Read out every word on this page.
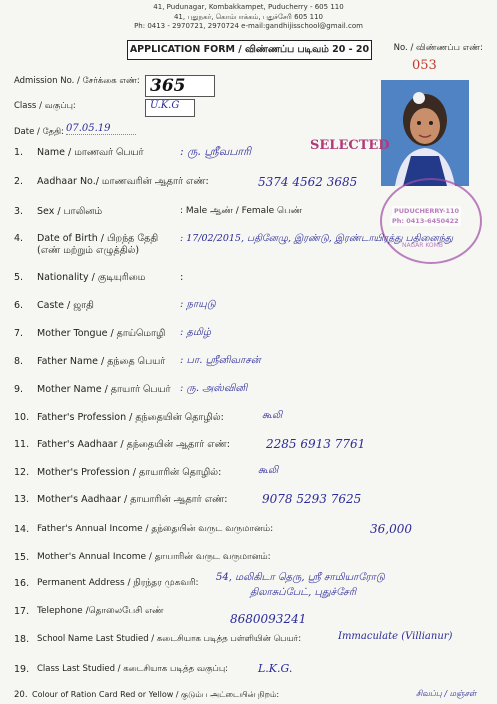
41, Pudunagar, Kombakkampet, Puducherry - 605 110
41, புதுநகர், கொம்பாக்கம், புதுச்சேரி 605 110
Ph: 0413 - 2970721, 2970724 e-mail:gandhijisschool@gmail.com
APPLICATION FORM / விண்ணப்ப படிவம் 20 - 20	No. / விண்ணப்ப எண்:
053
Admission No. / சேர்க்கை எண்: 365
Class / வகுப்பு:	U.K.G
Date / தேதி: 07.05.19
SELECTED
PUDUCHERRY-110
Ph: 0413-6450422
NAGAR KOMB
1. Name / மாணவர் பெயர்	: ரு. ஸ்ரீவபாரி
2. Aadhaar No./ மாணவரின் ஆதார் எண்:	5374 4562 3685
3. Sex / பாலினம்	: Male ஆண் / Female பெண்
4. Date of Birth / பிறந்த தேதி
(எண் மற்றும் எழுத்தில்)
: 17/02/2015, பதினேழு, இரண்டு, இரண்டாயிரத்து பதினைந்து
5. Nationality / குடியுரிமை	:
6. Caste / ஜாதி	: நாயுடு
7. Mother Tongue / தாய்மொழி : தமிழ்
8. Father Name / தந்தை பெயர் : பா. ஸ்ரீனிவாசன்
9. Mother Name / தாயார் பெயர் : ரு. அஸ்வினி
10. Father's Profession / தந்தையின் தொழில்:	கூலி
11. Father's Aadhaar / தந்தையின் ஆதார் எண்:	2285 6913 7761
12. Mother's Profession / தாயாரின் தொழில்:	கூலி
13. Mother's Aadhaar / தாயாரின் ஆதார் எண்:	9078 5293 7625
14. Father's Annual Income / தந்தையின் வருட வருமானம்:	36,000
15. Mother's Annual Income / தாயாரின் வருட வருமானம்:
16. Permanent Address / நிரந்தர முகவரி: 54, மலிகிடா தெரு, ஸ்ரீ சாமியாரோடு
திலாசுப்பேட், புதுச்சேரி
17. Telephone /தொலைபேசி எண்
8680093241
18. School Name Last Studied / கடைசியாக படித்த பள்ளியின் பெயர்:	Immaculate (Villianur)
19. Class Last Studied / கடைசியாக படித்த வகுப்பு:	L.K.G.
20. Colour of Ration Card Red or Yellow / குடும்ப அட்டையின் நிறம்:	சிவப்பு / மஞ்சள்
